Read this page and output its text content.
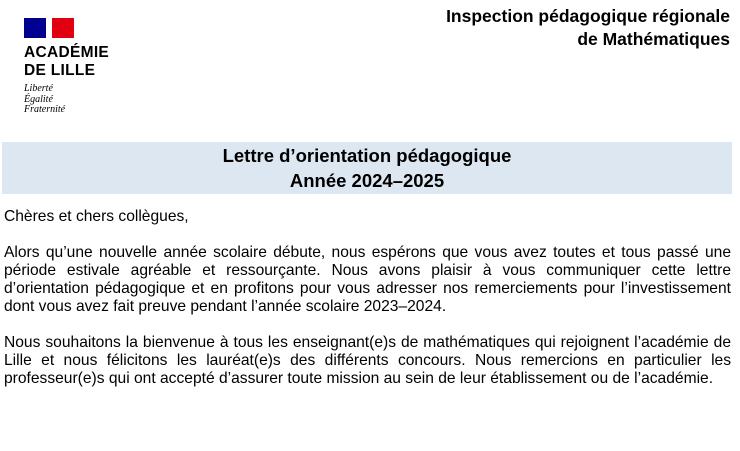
ACADÉMIE
DE LILLE
Liberté
Égalité
Fraternité
Inspection pédagogique régionale
de Mathématiques
Lettre d’orientation pédagogique
Année 2024–2025

Chères et chers collègues,

Alors qu’une nouvelle année scolaire débute, nous espérons que vous avez toutes et tous passé une période estivale agréable et ressourçante. Nous avons plaisir à vous communiquer cette lettre d’orientation pédagogique et en profitons pour vous adresser nos remerciements pour l’investissement dont vous avez fait preuve pendant l’année scolaire 2023–2024.

Nous souhaitons la bienvenue à tous les enseignant(e)s de mathématiques qui rejoignent l’académie de Lille et nous félicitons les lauréat(e)s des différents concours. Nous remercions en particulier les professeur(e)s qui ont accepté d’assurer toute mission au sein de leur établissement ou de l’académie.
